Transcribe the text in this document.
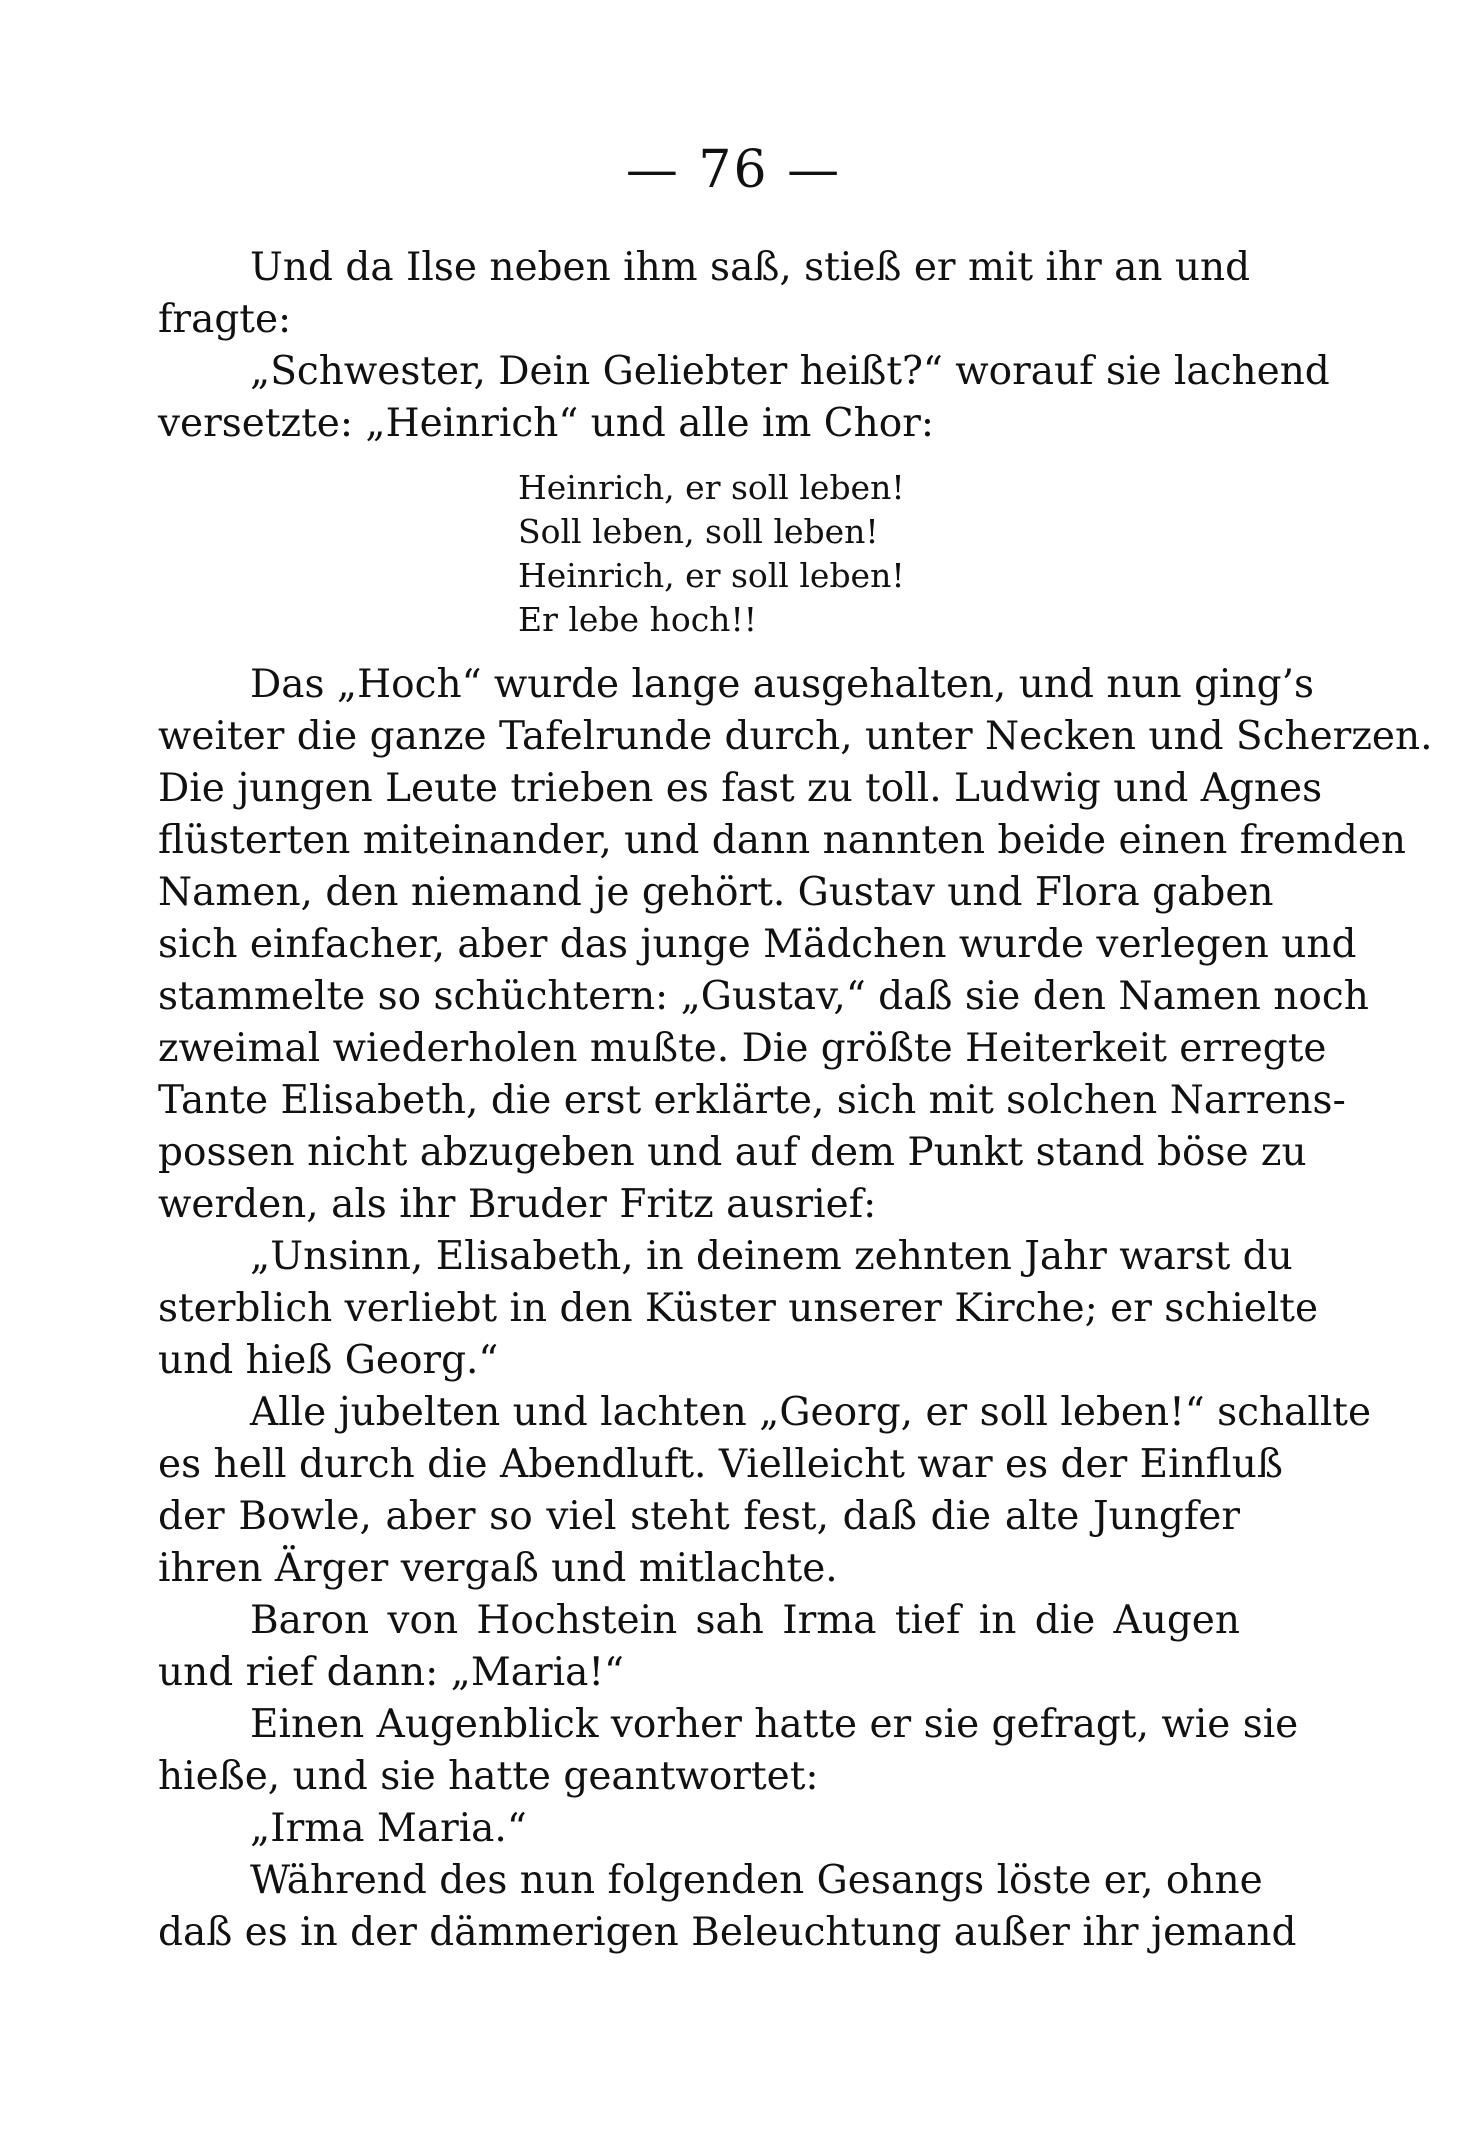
— 76 —
Und da Ilse neben ihm saß, stieß er mit ihr an und
fragte:
„Schwester, Dein Geliebter heißt?“ worauf sie lachend
versetzte: „Heinrich“ und alle im Chor:
Heinrich, er soll leben!
Soll leben, soll leben!
Heinrich, er soll leben!
Er lebe hoch!!
Das „Hoch“ wurde lange ausgehalten, und nun ging’s
weiter die ganze Tafelrunde durch, unter Necken und Scherzen.
Die jungen Leute trieben es fast zu toll. Ludwig und Agnes
flüsterten miteinander, und dann nannten beide einen fremden
Namen, den niemand je gehört. Gustav und Flora gaben
sich einfacher, aber das junge Mädchen wurde verlegen und
stammelte so schüchtern: „Gustav,“ daß sie den Namen noch
zweimal wiederholen mußte. Die größte Heiterkeit erregte
Tante Elisabeth, die erst erklärte, sich mit solchen Narrens-
possen nicht abzugeben und auf dem Punkt stand böse zu
werden, als ihr Bruder Fritz ausrief:
„Unsinn, Elisabeth, in deinem zehnten Jahr warst du
sterblich verliebt in den Küster unserer Kirche; er schielte
und hieß Georg.“
Alle jubelten und lachten „Georg, er soll leben!“ schallte
es hell durch die Abendluft. Vielleicht war es der Einfluß
der Bowle, aber so viel steht fest, daß die alte Jungfer
ihren Ärger vergaß und mitlachte.
Baron von Hochstein sah Irma tief in die Augen
und rief dann: „Maria!“
Einen Augenblick vorher hatte er sie gefragt, wie sie
hieße, und sie hatte geantwortet:
„Irma Maria.“
Während des nun folgenden Gesangs löste er, ohne
daß es in der dämmerigen Beleuchtung außer ihr jemand
